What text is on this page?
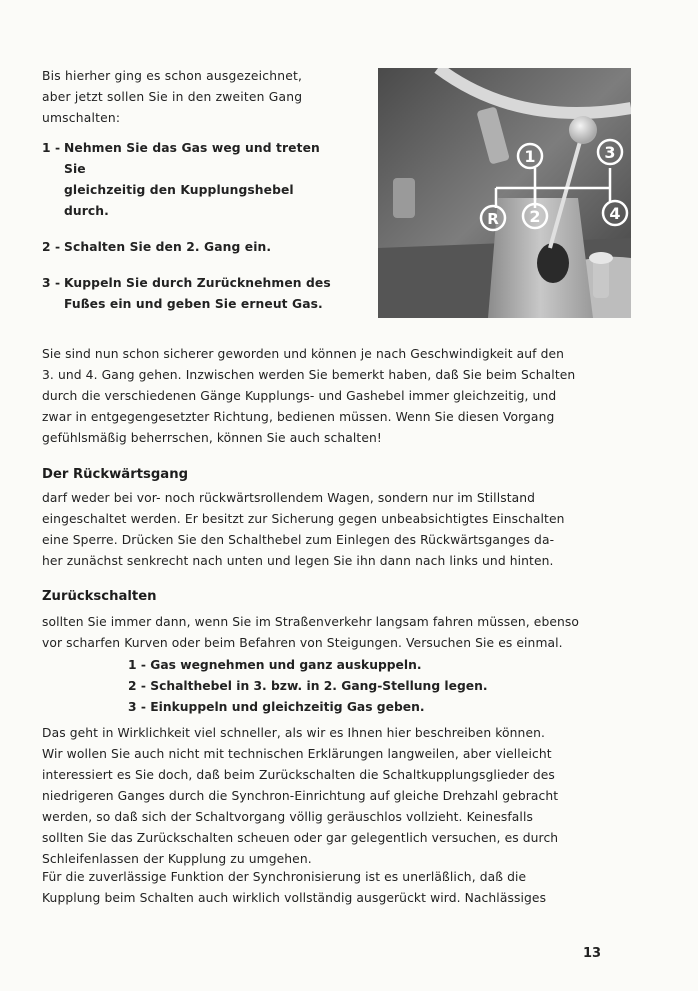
Bis hierher ging es schon ausgezeichnet,
aber jetzt sollen Sie in den zweiten Gang
umschalten:
1 - Nehmen Sie das Gas weg und treten Sie
gleichzeitig den Kupplungshebel durch.
2 - Schalten Sie den 2. Gang ein.
3 - Kuppeln Sie durch Zurücknehmen des
Fußes ein und geben Sie erneut Gas.
1
2
3
4
R
Sie sind nun schon sicherer geworden und können je nach Geschwindigkeit auf den
3. und 4. Gang gehen. Inzwischen werden Sie bemerkt haben, daß Sie beim Schalten
durch die verschiedenen Gänge Kupplungs- und Gashebel immer gleichzeitig, und
zwar in entgegengesetzter Richtung, bedienen müssen. Wenn Sie diesen Vorgang
gefühlsmäßig beherrschen, können Sie auch schalten!
Der Rückwärtsgang
darf weder bei vor- noch rückwärtsrollendem Wagen, sondern nur im Stillstand
eingeschaltet werden. Er besitzt zur Sicherung gegen unbeabsichtigtes Einschalten
eine Sperre. Drücken Sie den Schalthebel zum Einlegen des Rückwärtsganges da-
her zunächst senkrecht nach unten und legen Sie ihn dann nach links und hinten.
Zurückschalten
sollten Sie immer dann, wenn Sie im Straßenverkehr langsam fahren müssen, ebenso
vor scharfen Kurven oder beim Befahren von Steigungen. Versuchen Sie es einmal.
1 - Gas wegnehmen und ganz auskuppeln.
2 - Schalthebel in 3. bzw. in 2. Gang-Stellung legen.
3 - Einkuppeln und gleichzeitig Gas geben.
Das geht in Wirklichkeit viel schneller, als wir es Ihnen hier beschreiben können.
Wir wollen Sie auch nicht mit technischen Erklärungen langweilen, aber vielleicht
interessiert es Sie doch, daß beim Zurückschalten die Schaltkupplungsglieder des
niedrigeren Ganges durch die Synchron-Einrichtung auf gleiche Drehzahl gebracht
werden, so daß sich der Schaltvorgang völlig geräuschlos vollzieht. Keinesfalls
sollten Sie das Zurückschalten scheuen oder gar gelegentlich versuchen, es durch
Schleifenlassen der Kupplung zu umgehen.
Für die zuverlässige Funktion der Synchronisierung ist es unerläßlich, daß die
Kupplung beim Schalten auch wirklich vollständig ausgerückt wird. Nachlässiges
13
